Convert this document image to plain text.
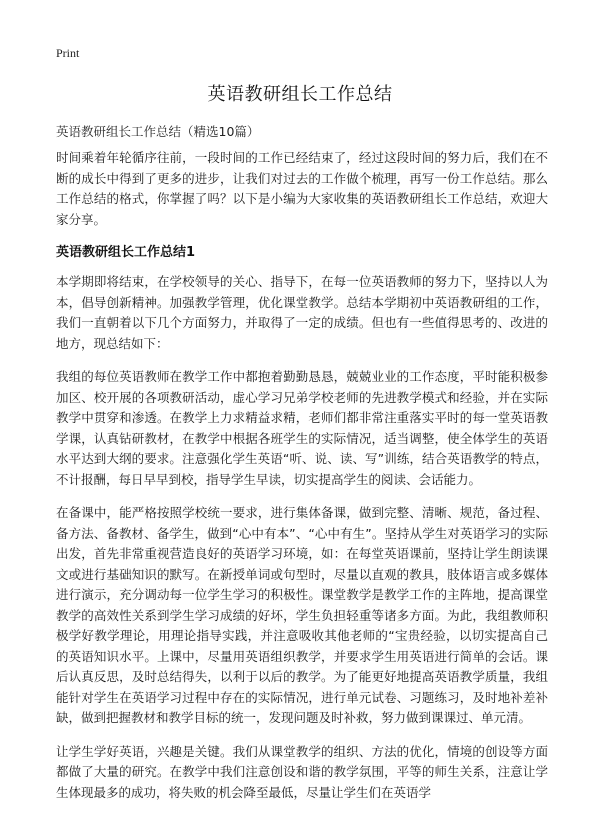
Print
英语教研组长工作总结
英语教研组长工作总结（精选10篇）

时间乘着年轮循序往前，一段时间的工作已经结束了，经过这段时间的努力后，我们在不断的成长中得到了更多的进步，让我们对过去的工作做个梳理，再写一份工作总结。那么工作总结的格式，你掌握了吗？以下是小编为大家收集的英语教研组长工作总结，欢迎大家分享。

英语教研组长工作总结1

本学期即将结束，在学校领导的关心、指导下，在每一位英语教师的努力下，坚持以人为本，倡导创新精神。加强教学管理，优化课堂教学。总结本学期初中英语教研组的工作，我们一直朝着以下几个方面努力，并取得了一定的成绩。但也有一些值得思考的、改进的地方，现总结如下：

我组的每位英语教师在教学工作中都抱着勤勤恳恳，兢兢业业的工作态度，平时能积极参加区、校开展的各项教研活动，虚心学习兄弟学校老师的先进教学模式和经验，并在实际教学中贯穿和渗透。在教学上力求精益求精，老师们都非常注重落实平时的每一堂英语教学课，认真钻研教材，在教学中根据各班学生的实际情况，适当调整，使全体学生的英语水平达到大纲的要求。注意强化学生英语“听、说、读、写”训练，结合英语教学的特点，不计报酬，每日早早到校，指导学生早读，切实提高学生的阅读、会话能力。

在备课中，能严格按照学校统一要求，进行集体备课，做到完整、清晰、规范，备过程、备方法、备教材、备学生，做到“心中有本”、“心中有生”。坚持从学生对英语学习的实际出发，首先非常重视营造良好的英语学习环境，如：在每堂英语课前，坚持让学生朗读课文或进行基础知识的默写。在新授单词或句型时，尽量以直观的教具，肢体语言或多媒体进行演示，充分调动每一位学生学习的积极性。课堂教学是教学工作的主阵地，提高课堂教学的高效性关系到学生学习成绩的好坏，学生负担轻重等诸多方面。为此，我组教师积极学好教学理论，用理论指导实践，并注意吸收其他老师的“宝贵经验，以切实提高自己的英语知识水平。上课中，尽量用英语组织教学，并要求学生用英语进行简单的会话。课后认真反思，及时总结得失，以利于以后的教学。为了能更好地提高英语教学质量，我组能针对学生在英语学习过程中存在的实际情况，进行单元试卷、习题练习，及时地补差补缺，做到把握教材和教学目标的统一，发现问题及时补救，努力做到课课过、单元清。

让学生学好英语，兴趣是关键。我们从课堂教学的组织、方法的优化，情境的创设等方面都做了大量的研究。在教学中我们注意创设和谐的教学氛围，平等的师生关系，注意让学生体现最多的成功，将失败的机会降至最低，尽量让学生们在英语学
